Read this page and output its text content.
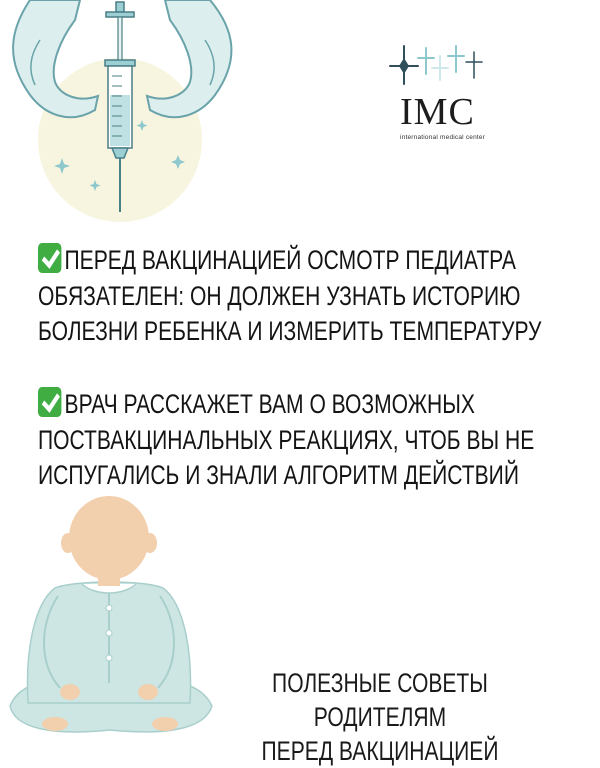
IMC
international medical center
ПЕРЕД ВАКЦИНАЦИЕЙ ОСМОТР ПЕДИАТРА
ОБЯЗАТЕЛЕН: ОН ДОЛЖЕН УЗНАТЬ ИСТОРИЮ
БОЛЕЗНИ РЕБЕНКА И ИЗМЕРИТЬ ТЕМПЕРАТУРУ
ВРАЧ РАССКАЖЕТ ВАМ О ВОЗМОЖНЫХ
ПОСТВАКЦИНАЛЬНЫХ РЕАКЦИЯХ, ЧТОБ ВЫ НЕ
ИСПУГАЛИСЬ И ЗНАЛИ АЛГОРИТМ ДЕЙСТВИЙ
ПОЛЕЗНЫЕ СОВЕТЫ РОДИТЕЛЯМ
ПЕРЕД ВАКЦИНАЦИЕЙ
